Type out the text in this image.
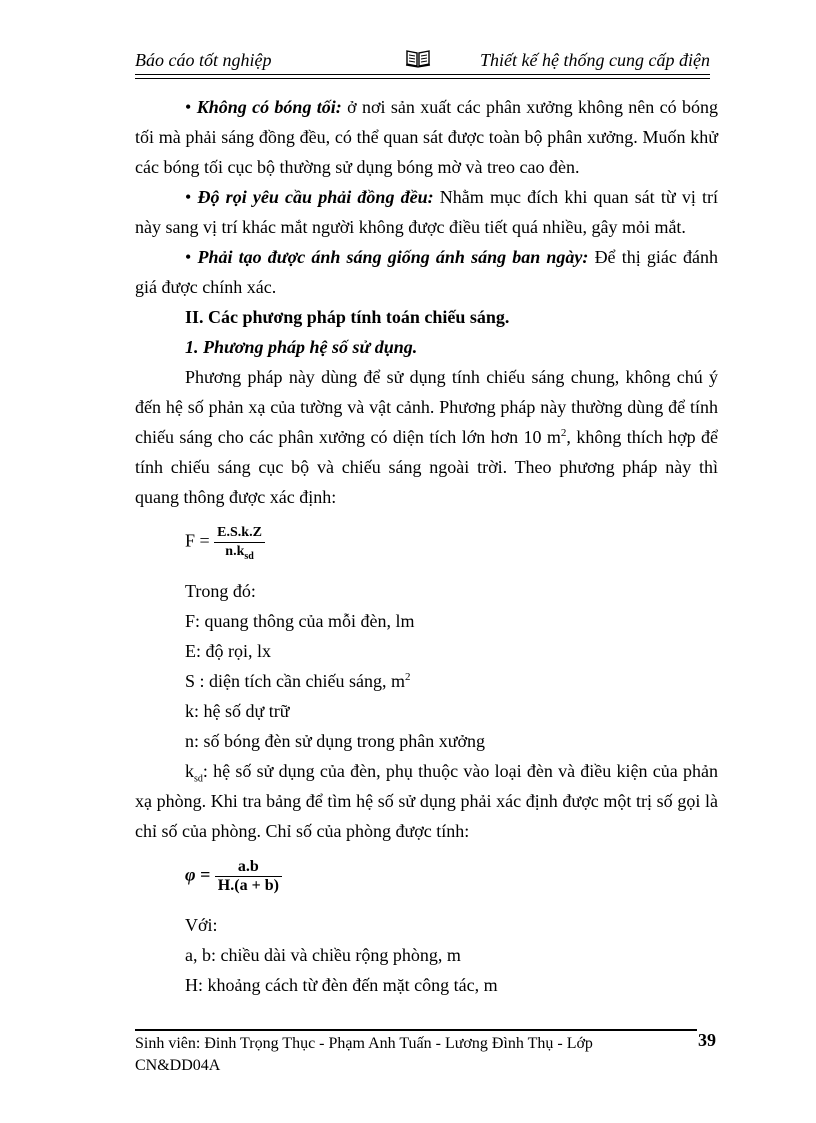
Báo cáo tốt nghiệp	Thiết kế hệ thống cung cấp điện

• Không có bóng tối: ở nơi sản xuất các phân xưởng không nên có bóng tối mà phải sáng đồng đều, có thể quan sát được toàn bộ phân xưởng. Muốn khử các bóng tối cục bộ thường sử dụng bóng mờ và treo cao đèn.

• Độ rọi yêu cầu phải đồng đều: Nhằm mục đích khi quan sát từ vị trí này sang vị trí khác mắt người không được điều tiết quá nhiều, gây mỏi mắt.

• Phải tạo được ánh sáng giống ánh sáng ban ngày: Để thị giác đánh giá được chính xác.

II. Các phương pháp tính toán chiếu sáng.

1. Phương pháp hệ số sử dụng.

Phương pháp này dùng để sử dụng tính chiếu sáng chung, không chú ý đến hệ số phản xạ của tường và vật cảnh. Phương pháp này thường dùng để tính chiếu sáng cho các phân xưởng có diện tích lớn hơn 10 $m^2$, không thích hợp để tính chiếu sáng cục bộ và chiếu sáng ngoài trời. Theo phương pháp này thì quang thông được xác định:

$F = \frac{E.S.k.Z}{n.k_{sd}}$

Trong đó:

F: quang thông của mỗi đèn, lm

E: độ rọi, lx

S : diện tích cần chiếu sáng, $m^2$

k: hệ số dự trữ

n: số bóng đèn sử dụng trong phân xưởng

$k_{sd}$: hệ số sử dụng của đèn, phụ thuộc vào loại đèn và điều kiện của phản xạ phòng. Khi tra bảng để tìm hệ số sử dụng phải xác định được một trị số gọi là chỉ số của phòng. Chỉ số của phòng được tính:

$\varphi = \frac{a.b}{H.(a + b)}$

Với:

a, b: chiều dài và chiều rộng phòng, m

H: khoảng cách từ đèn đến mặt công tác, m

Sinh viên: Đinh Trọng Thục - Phạm Anh Tuấn - Lương Đình Thụ - Lớp CN&DD04A
39
